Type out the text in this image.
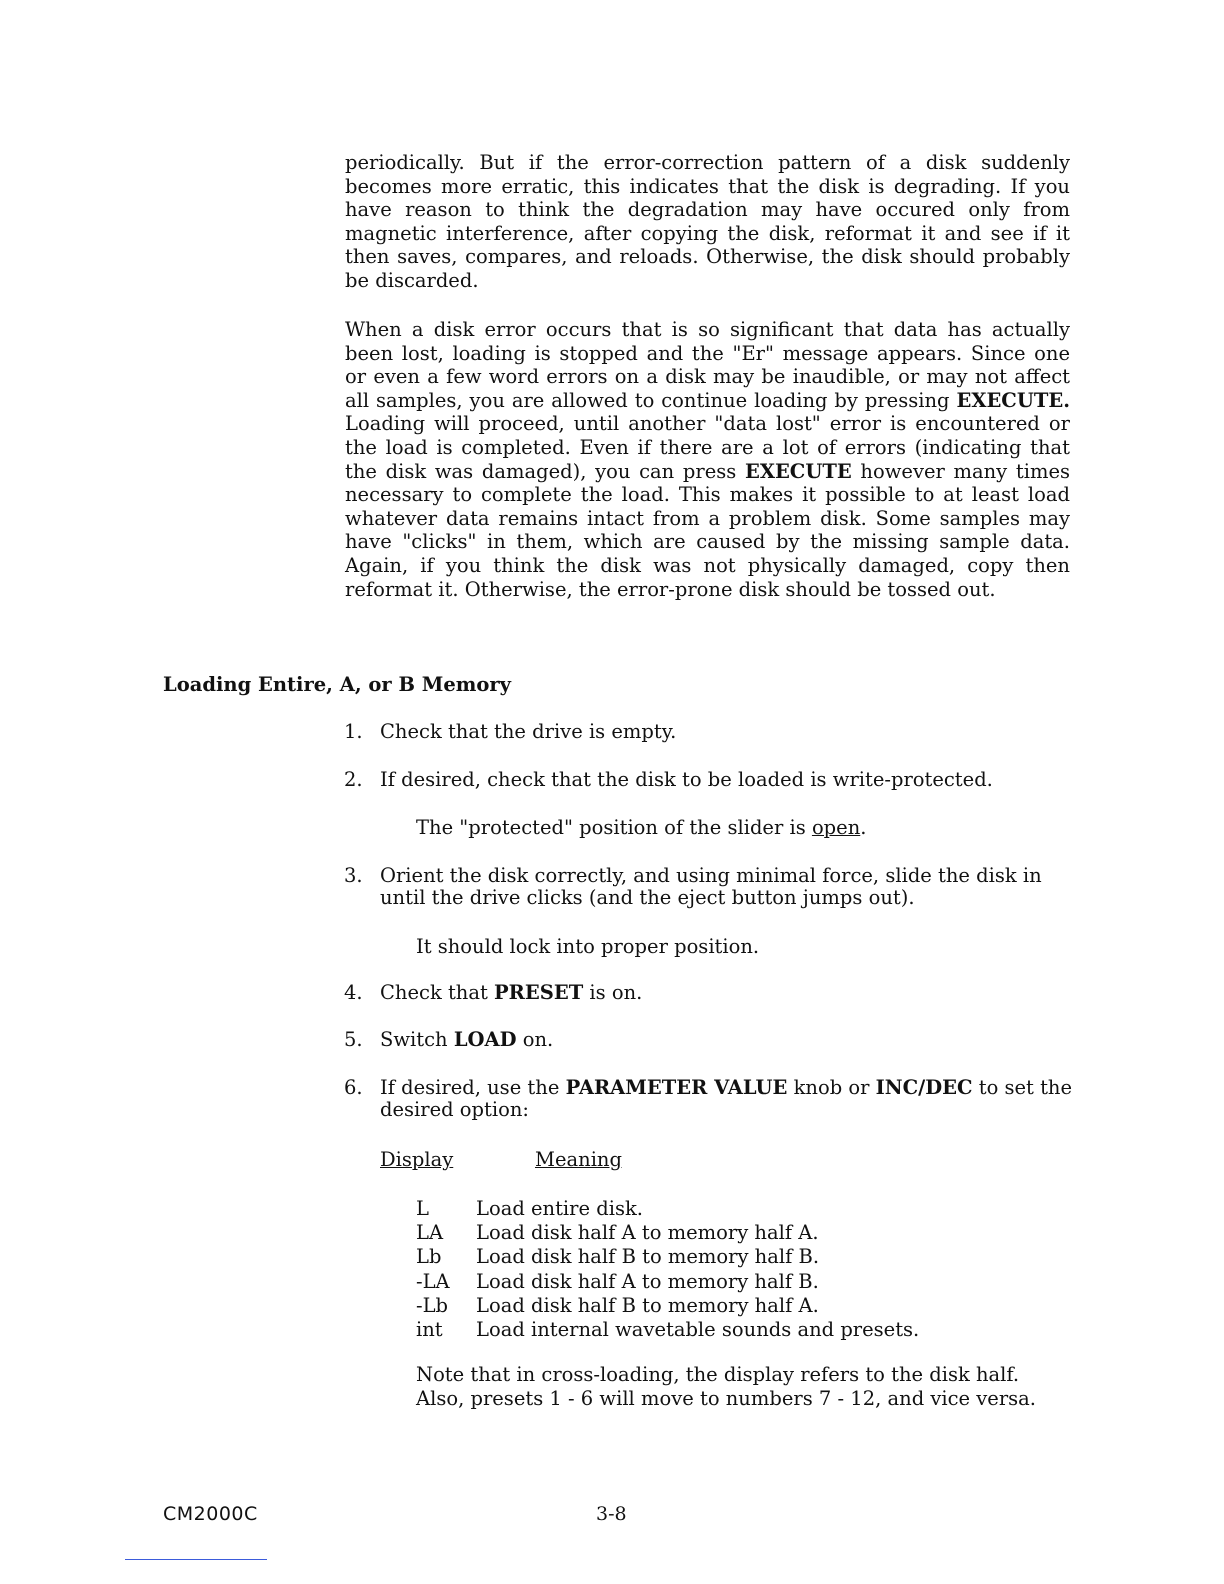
periodically. But if the error-correction pattern of a disk suddenly becomes more erratic, this indicates that the disk is degrading. If you have reason to think the degradation may have occured only from magnetic interference, after copying the disk, reformat it and see if it then saves, compares, and reloads. Otherwise, the disk should probably be discarded.

When a disk error occurs that is so significant that data has actually been lost, loading is stopped and the "Er" message appears. Since one or even a few word errors on a disk may be inaudible, or may not affect all samples, you are allowed to continue loading by pressing EXECUTE. Loading will proceed, until another "data lost" error is encountered or the load is completed. Even if there are a lot of errors (indicating that the disk was damaged), you can press EXECUTE however many times necessary to complete the load. This makes it possible to at least load whatever data remains intact from a problem disk. Some samples may have "clicks" in them, which are caused by the missing sample data. Again, if you think the disk was not physically damaged, copy then reformat it. Otherwise, the error-prone disk should be tossed out.

Loading Entire, A, or B Memory
1. Check that the drive is empty.
2. If desired, check that the disk to be loaded is write-protected.

The "protected" position of the slider is open.

3. Orient the disk correctly, and using minimal force, slide the disk in until the drive clicks (and the eject button jumps out).

It should lock into proper position.

4. Check that PRESET is on.
5. Switch LOAD on.
6. If desired, use the PARAMETER VALUE knob or INC/DEC to set the desired option:
Display	Meaning
L	Load entire disk.
LA	Load disk half A to memory half A.
Lb	Load disk half B to memory half B.
-LA	Load disk half A to memory half B.
-Lb	Load disk half B to memory half A.
int	Load internal wavetable sounds and presets.

Note that in cross-loading, the display refers to the disk half.
Also, presets 1 - 6 will move to numbers 7 - 12, and vice versa.

CM2000C	3-8
